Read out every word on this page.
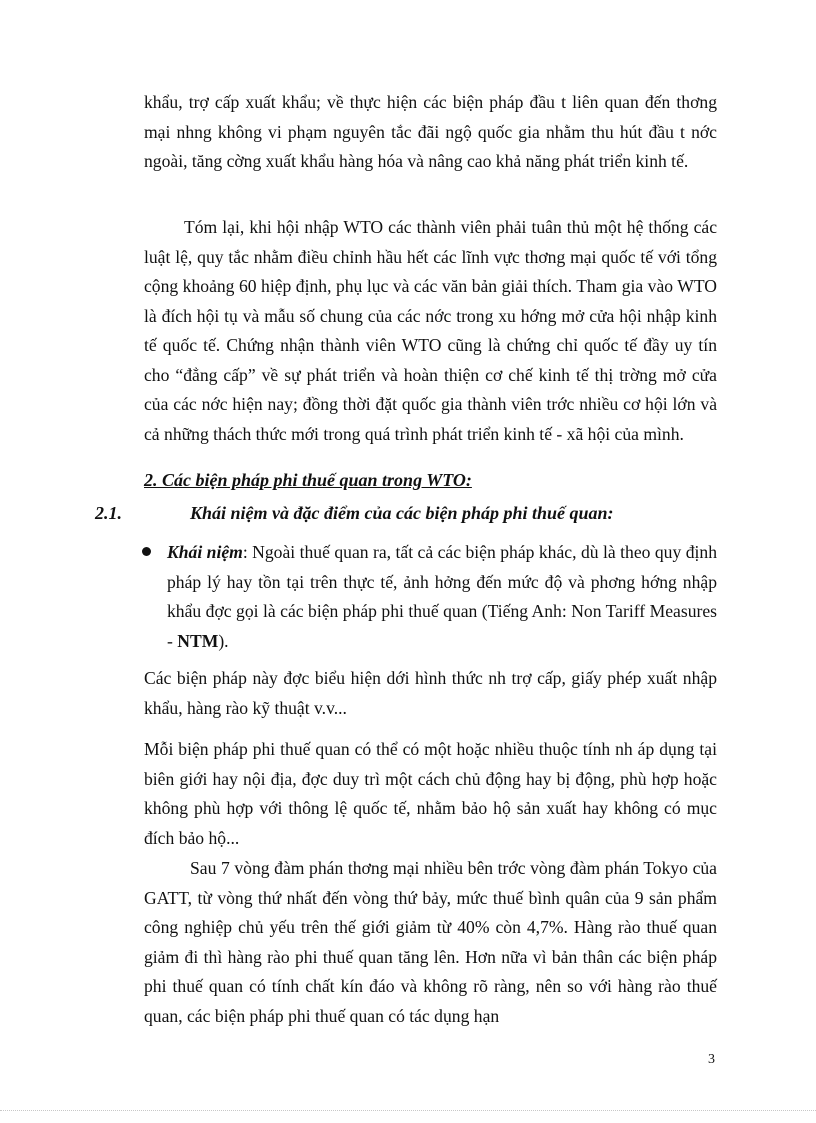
khẩu, trợ cấp xuất khẩu; về thực hiện các biện pháp đầu t liên quan đến thơng mại nhng không vi phạm nguyên tắc đãi ngộ quốc gia nhằm thu hút đầu t nớc ngoài, tăng cờng xuất khẩu hàng hóa và nâng cao khả năng phát triển kinh tế.

Tóm lại, khi hội nhập WTO các thành viên phải tuân thủ một hệ thống các luật lệ, quy tắc nhằm điều chỉnh hầu hết các lĩnh vực thơng mại quốc tế với tổng cộng khoảng 60 hiệp định, phụ lục và các văn bản giải thích. Tham gia vào WTO là đích hội tụ và mẫu số chung của các nớc trong xu hớng mở cửa hội nhập kinh tế quốc tế. Chứng nhận thành viên WTO cũng là chứng chỉ quốc tế đầy uy tín cho “đẳng cấp” về sự phát triển và hoàn thiện cơ chế kinh tế thị trờng mở cửa của các nớc hiện nay; đồng thời đặt quốc gia thành viên trớc nhiều cơ hội lớn và cả những thách thức mới trong quá trình phát triển kinh tế - xã hội của mình.

2. Các biện pháp phi thuế quan trong WTO:

2.1.	Khái niệm và đặc điểm của các biện pháp phi thuế quan:

Khái niệm: Ngoài thuế quan ra, tất cả các biện pháp khác, dù là theo quy định pháp lý hay tồn tại trên thực tế, ảnh hởng đến mức độ và phơng hớng nhập khẩu đợc gọi là các biện pháp phi thuế quan (Tiếng Anh: Non Tariff Measures - NTM).

Các biện pháp này đợc biểu hiện dới hình thức nh trợ cấp, giấy phép xuất nhập khẩu, hàng rào kỹ thuật v.v...

Mỗi biện pháp phi thuế quan có thể có một hoặc nhiều thuộc tính nh áp dụng tại biên giới hay nội địa, đợc duy trì một cách chủ động hay bị động, phù hợp hoặc không phù hợp với thông lệ quốc tế, nhằm bảo hộ sản xuất hay không có mục đích bảo hộ...

Sau 7 vòng đàm phán thơng mại nhiều bên trớc vòng đàm phán Tokyo của GATT, từ vòng thứ nhất đến vòng thứ bảy, mức thuế bình quân của 9 sản phẩm công nghiệp chủ yếu trên thế giới giảm từ 40% còn 4,7%. Hàng rào thuế quan giảm đi thì hàng rào phi thuế quan tăng lên. Hơn nữa vì bản thân các biện pháp phi thuế quan có tính chất kín đáo và không rõ ràng, nên so với hàng rào thuế quan, các biện pháp phi thuế quan có tác dụng hạn

3
